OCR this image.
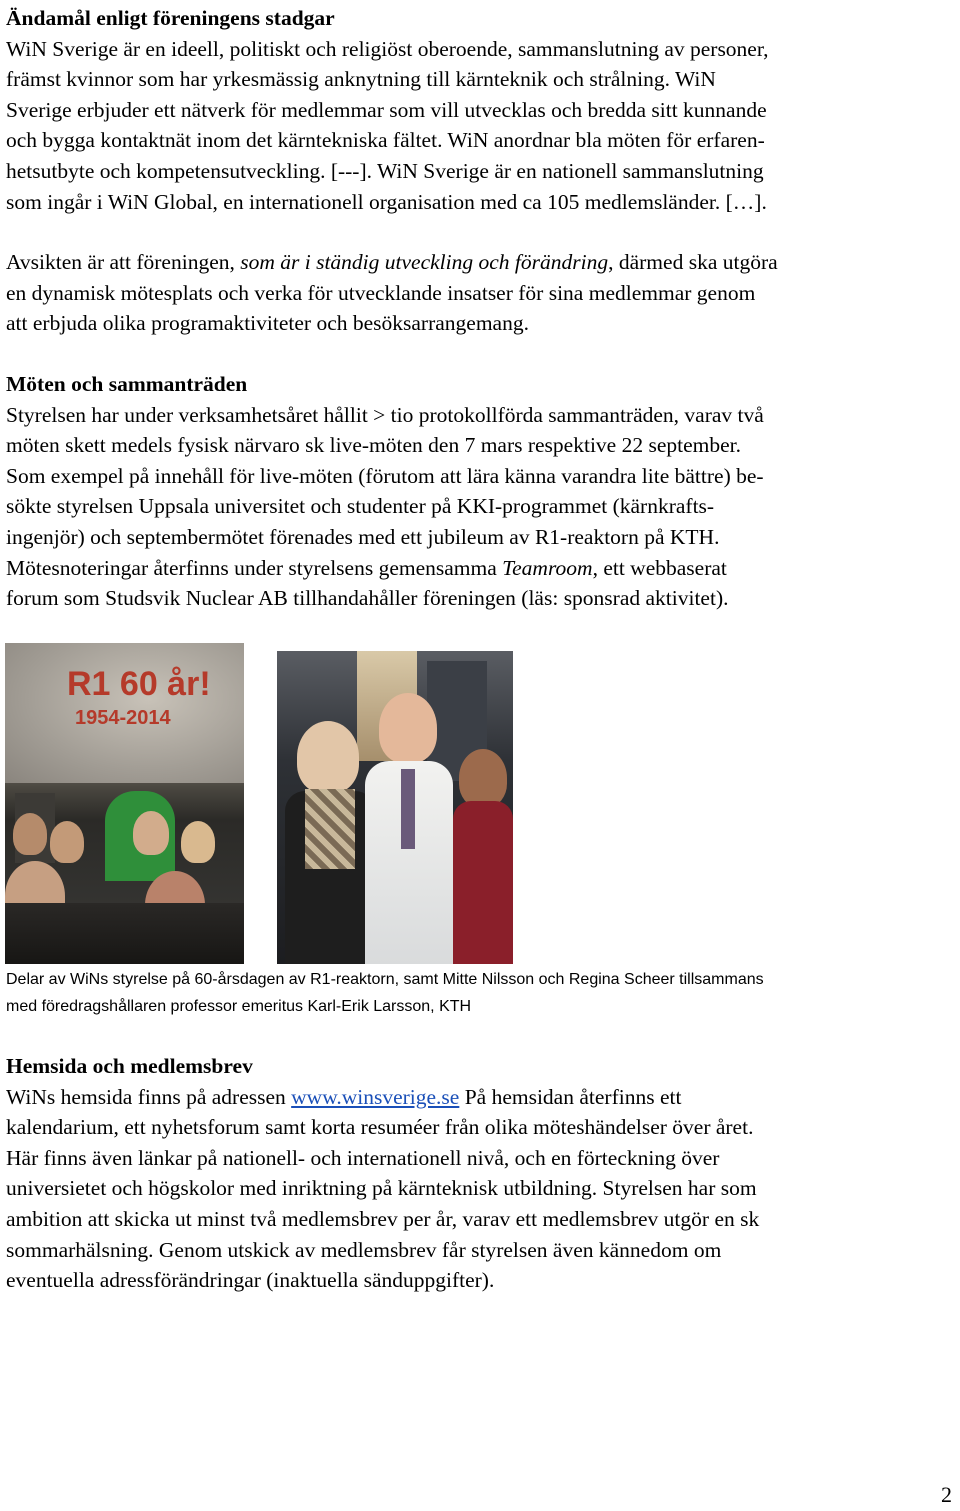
Ändamål enligt föreningens stadgar
WiN Sverige är en ideell, politiskt och religiöst oberoende, sammanslutning av personer,
främst kvinnor som har yrkesmässig anknytning till kärnteknik och strålning. WiN
Sverige erbjuder ett nätverk för medlemmar som vill utvecklas och bredda sitt kunnande
och bygga kontaktnät inom det kärntekniska fältet. WiN anordnar bla möten för erfaren-
hetsutbyte och kompetensutveckling. [---]. WiN Sverige är en nationell sammanslutning
som ingår i WiN Global, en internationell organisation med ca 105 medlemsländer. […].
Avsikten är att föreningen, som är i ständig utveckling och förändring, därmed ska utgöra
en dynamisk mötesplats och verka för utvecklande insatser för sina medlemmar genom
att erbjuda olika programaktiviteter och besöksarrangemang.
Möten och sammanträden
Styrelsen har under verksamhetsåret hållit > tio protokollförda sammanträden, varav två
möten skett medels fysisk närvaro sk live-möten den 7 mars respektive 22 september.
Som exempel på innehåll för live-möten (förutom att lära känna varandra lite bättre) be-
sökte styrelsen Uppsala universitet och studenter på KKI-programmet (kärnkrafts-
ingenjör) och septembermötet förenades med ett jubileum av R1-reaktorn på KTH.
Mötesnoteringar återfinns under styrelsens gemensamma Teamroom, ett webbaserat
forum som Studsvik Nuclear AB tillhandahåller föreningen (läs: sponsrad aktivitet).
R1 60 år!
1954-2014
Delar av WiNs styrelse på 60-årsdagen av R1-reaktorn, samt Mitte Nilsson och Regina Scheer tillsammans
med föredragshållaren professor emeritus Karl-Erik Larsson, KTH
Hemsida och medlemsbrev
WiNs hemsida finns på adressen www.winsverige.se På hemsidan återfinns ett
kalendarium, ett nyhetsforum samt korta resuméer från olika möteshändelser över året.
Här finns även länkar på nationell- och internationell nivå, och en förteckning över
universietet och högskolor med inriktning på kärnteknisk utbildning. Styrelsen har som
ambition att skicka ut minst två medlemsbrev per år, varav ett medlemsbrev utgör en sk
sommarhälsning. Genom utskick av medlemsbrev får styrelsen även kännedom om
eventuella adressförändringar (inaktuella sänduppgifter).
2
